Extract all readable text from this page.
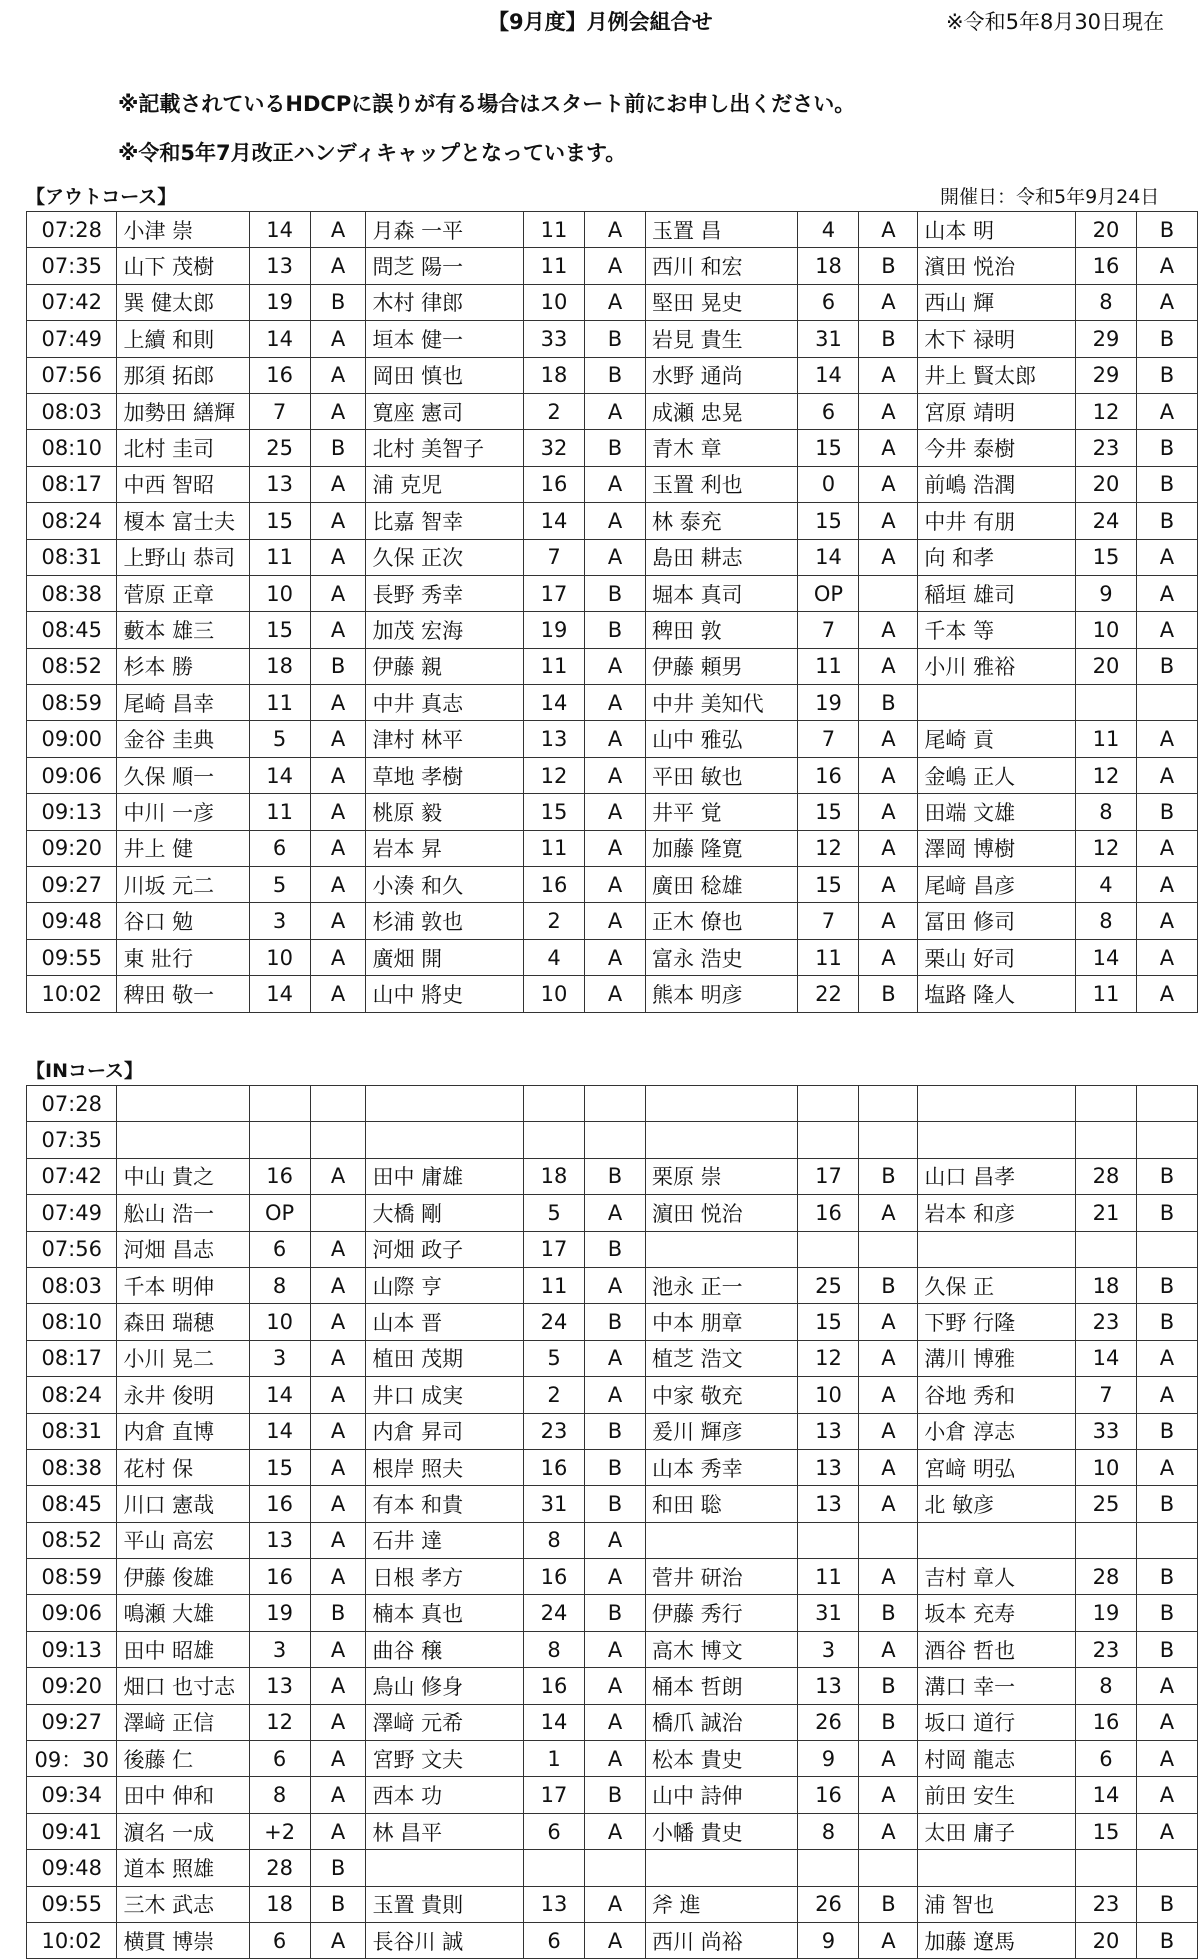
【9月度】月例会組合せ	※令和5年8月30日現在
※記載されているHDCPに誤りが有る場合はスタート前にお申し出ください。
※令和5年7月改正ハンディキャップとなっています。
【アウトコース】	開催日：令和5年9月24日
07:28	小津 崇	14	A	月森 一平	11	A	玉置 昌	4	A	山本 明	20	B
07:35	山下 茂樹	13	A	問芝 陽一	11	A	西川 和宏	18	B	濱田 悦治	16	A
07:42	巽 健太郎	19	B	木村 律郎	10	A	堅田 晃史	6	A	西山 輝	8	A
07:49	上續 和則	14	A	垣本 健一	33	B	岩見 貴生	31	B	木下 禄明	29	B
07:56	那須 拓郎	16	A	岡田 慎也	18	B	水野 通尚	14	A	井上 賢太郎	29	B
08:03	加勢田 繕輝	7	A	寛座 憲司	2	A	成瀬 忠晃	6	A	宮原 靖明	12	A
08:10	北村 圭司	25	B	北村 美智子	32	B	青木 章	15	A	今井 泰樹	23	B
08:17	中西 智昭	13	A	浦 克児	16	A	玉置 利也	0	A	前嶋 浩潤	20	B
08:24	榎本 富士夫	15	A	比嘉 智幸	14	A	林 泰充	15	A	中井 有朋	24	B
08:31	上野山 恭司	11	A	久保 正次	7	A	島田 耕志	14	A	向 和孝	15	A
08:38	菅原 正章	10	A	長野 秀幸	17	B	堀本 真司	OP		稲垣 雄司	9	A
08:45	藪本 雄三	15	A	加茂 宏海	19	B	稗田 敦	7	A	千本 等	10	A
08:52	杉本 勝	18	B	伊藤 親	11	A	伊藤 頼男	11	A	小川 雅裕	20	B
08:59	尾崎 昌幸	11	A	中井 真志	14	A	中井 美知代	19	B			
09:00	金谷 圭典	5	A	津村 林平	13	A	山中 雅弘	7	A	尾崎 貢	11	A
09:06	久保 順一	14	A	草地 孝樹	12	A	平田 敏也	16	A	金嶋 正人	12	A
09:13	中川 一彦	11	A	桃原 毅	15	A	井平 覚	15	A	田端 文雄	8	B
09:20	井上 健	6	A	岩本 昇	11	A	加藤 隆寛	12	A	澤岡 博樹	12	A
09:27	川坂 元二	5	A	小湊 和久	16	A	廣田 稔雄	15	A	尾﨑 昌彦	4	A
09:48	谷口 勉	3	A	杉浦 敦也	2	A	正木 僚也	7	A	冨田 修司	8	A
09:55	東 壯行	10	A	廣畑 開	4	A	富永 浩史	11	A	栗山 好司	14	A
10:02	稗田 敬一	14	A	山中 將史	10	A	熊本 明彦	22	B	塩路 隆人	11	A
【INコース】
07:28												
07:35												
07:42	中山 貴之	16	A	田中 庸雄	18	B	栗原 崇	17	B	山口 昌孝	28	B
07:49	舩山 浩一	OP		大橋 剛	5	A	濵田 悦治	16	A	岩本 和彦	21	B
07:56	河畑 昌志	6	A	河畑 政子	17	B						
08:03	千本 明伸	8	A	山際 亨	11	A	池永 正一	25	B	久保 正	18	B
08:10	森田 瑞穂	10	A	山本 晋	24	B	中本 朋章	15	A	下野 行隆	23	B
08:17	小川 晃二	3	A	植田 茂期	5	A	植芝 浩文	12	A	溝川 博雅	14	A
08:24	永井 俊明	14	A	井口 成実	2	A	中家 敬充	10	A	谷地 秀和	7	A
08:31	内倉 直博	14	A	内倉 昇司	23	B	爰川 輝彦	13	A	小倉 淳志	33	B
08:38	花村 保	15	A	根岸 照夫	16	B	山本 秀幸	13	A	宮﨑 明弘	10	A
08:45	川口 憲哉	16	A	有本 和貴	31	B	和田 聡	13	A	北 敏彦	25	B
08:52	平山 高宏	13	A	石井 達	8	A						
08:59	伊藤 俊雄	16	A	日根 孝方	16	A	菅井 研治	11	A	吉村 章人	28	B
09:06	鳴瀬 大雄	19	B	楠本 真也	24	B	伊藤 秀行	31	B	坂本 充寿	19	B
09:13	田中 昭雄	3	A	曲谷 穣	8	A	高木 博文	3	A	酒谷 哲也	23	B
09:20	畑口 也寸志	13	A	鳥山 修身	16	A	桶本 哲朗	13	B	溝口 幸一	8	A
09:27	澤﨑 正信	12	A	澤﨑 元希	14	A	橋爪 誠治	26	B	坂口 道行	16	A
09：30	後藤 仁	6	A	宮野 文夫	1	A	松本 貴史	9	A	村岡 龍志	6	A
09:34	田中 伸和	8	A	西本 功	17	B	山中 詩伸	16	A	前田 安生	14	A
09:41	濵名 一成	+2	A	林 昌平	6	A	小幡 貴史	8	A	太田 庸子	15	A
09:48	道本 照雄	28	B									
09:55	三木 武志	18	B	玉置 貴則	13	A	斧 進	26	B	浦 智也	23	B
10:02	横貫 博崇	6	A	長谷川 誠	6	A	西川 尚裕	9	A	加藤 遼馬	20	B
